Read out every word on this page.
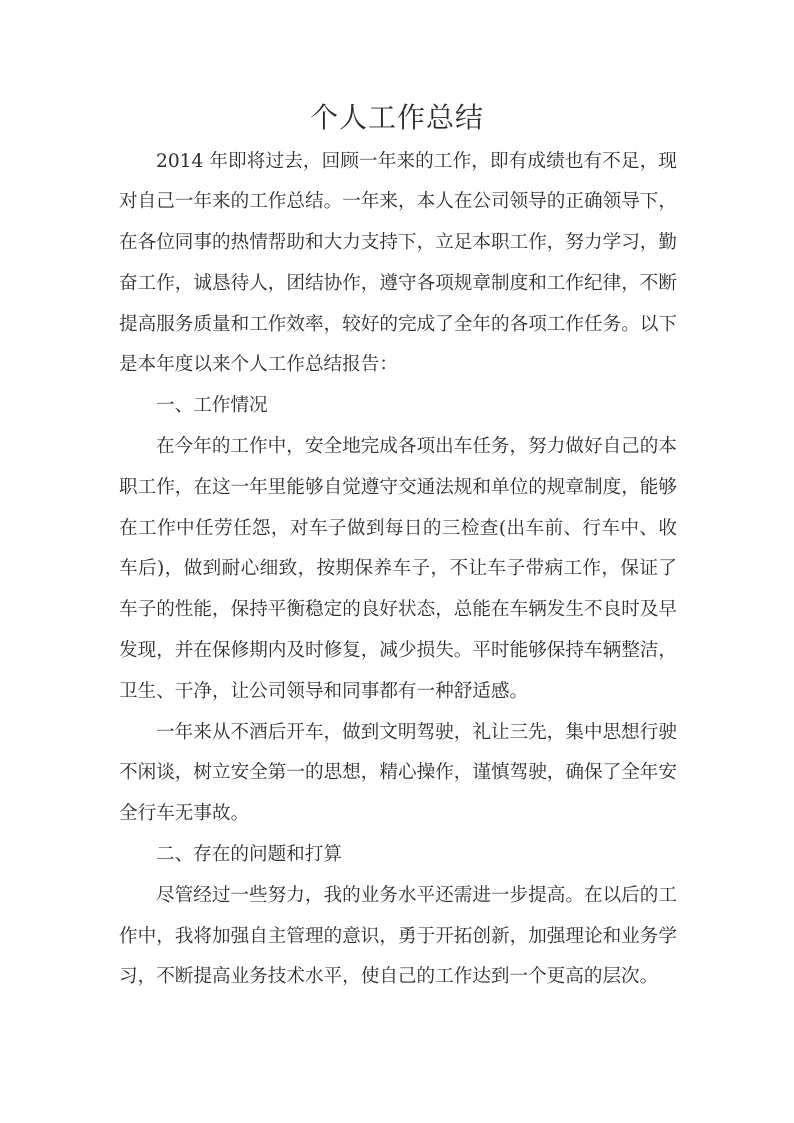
个人工作总结
2014 年即将过去，回顾一年来的工作，即有成绩也有不足，现
对自己一年来的工作总结。一年来，本人在公司领导的正确领导下，
在各位同事的热情帮助和大力支持下，立足本职工作，努力学习，勤
奋工作，诚恳待人，团结协作，遵守各项规章制度和工作纪律，不断
提高服务质量和工作效率，较好的完成了全年的各项工作任务。以下
是本年度以来个人工作总结报告：
一、工作情况
在今年的工作中，安全地完成各项出车任务，努力做好自己的本
职工作，在这一年里能够自觉遵守交通法规和单位的规章制度，能够
在工作中任劳任怨，对车子做到每日的三检查(出车前、行车中、收
车后)，做到耐心细致，按期保养车子，不让车子带病工作，保证了
车子的性能，保持平衡稳定的良好状态，总能在车辆发生不良时及早
发现，并在保修期内及时修复，减少损失。平时能够保持车辆整洁，
卫生、干净，让公司领导和同事都有一种舒适感。
一年来从不酒后开车，做到文明驾驶，礼让三先，集中思想行驶
不闲谈，树立安全第一的思想，精心操作，谨慎驾驶，确保了全年安
全行车无事故。
二、存在的问题和打算
尽管经过一些努力，我的业务水平还需进一步提高。在以后的工
作中，我将加强自主管理的意识，勇于开拓创新，加强理论和业务学
习，不断提高业务技术水平，使自己的工作达到一个更高的层次。
